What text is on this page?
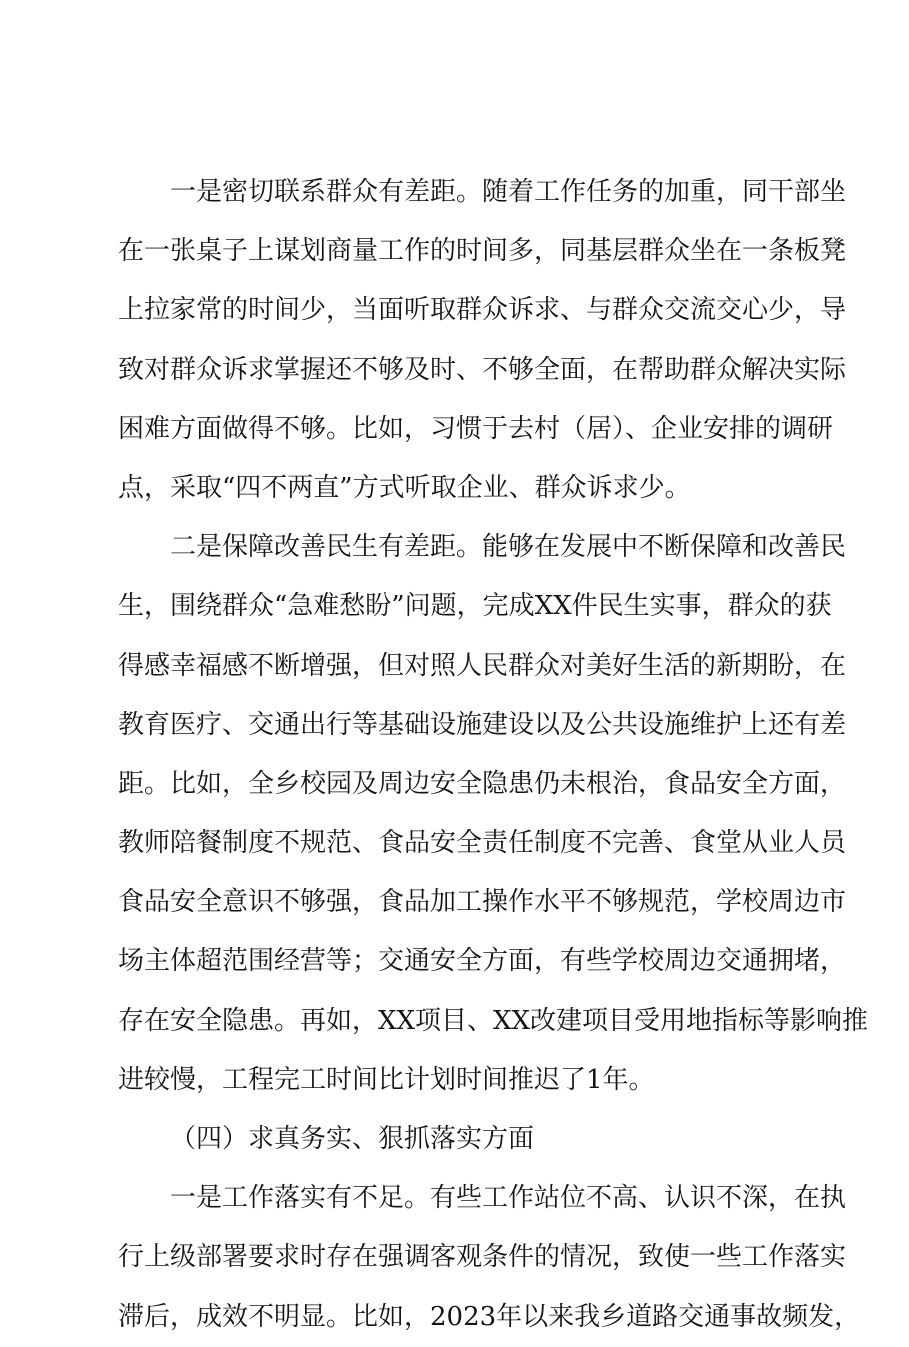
一是密切联系群众有差距。随着工作任务的加重，同干部坐
在一张桌子上谋划商量工作的时间多，同基层群众坐在一条板凳
上拉家常的时间少，当面听取群众诉求、与群众交流交心少，导
致对群众诉求掌握还不够及时、不够全面，在帮助群众解决实际
困难方面做得不够。比如，习惯于去村（居）、企业安排的调研
点，采取“四不两直”方式听取企业、群众诉求少。
二是保障改善民生有差距。能够在发展中不断保障和改善民
生，围绕群众“急难愁盼”问题，完成XX件民生实事，群众的获
得感幸福感不断增强，但对照人民群众对美好生活的新期盼，在
教育医疗、交通出行等基础设施建设以及公共设施维护上还有差
距。比如，全乡校园及周边安全隐患仍未根治，食品安全方面，
教师陪餐制度不规范、食品安全责任制度不完善、食堂从业人员
食品安全意识不够强，食品加工操作水平不够规范，学校周边市
场主体超范围经营等；交通安全方面，有些学校周边交通拥堵，
存在安全隐患。再如，XX项目、XX改建项目受用地指标等影响推
进较慢，工程完工时间比计划时间推迟了1年。
（四）求真务实、狠抓落实方面
一是工作落实有不足。有些工作站位不高、认识不深，在执
行上级部署要求时存在强调客观条件的情况，致使一些工作落实
滞后，成效不明显。比如，2023年以来我乡道路交通事故频发，
